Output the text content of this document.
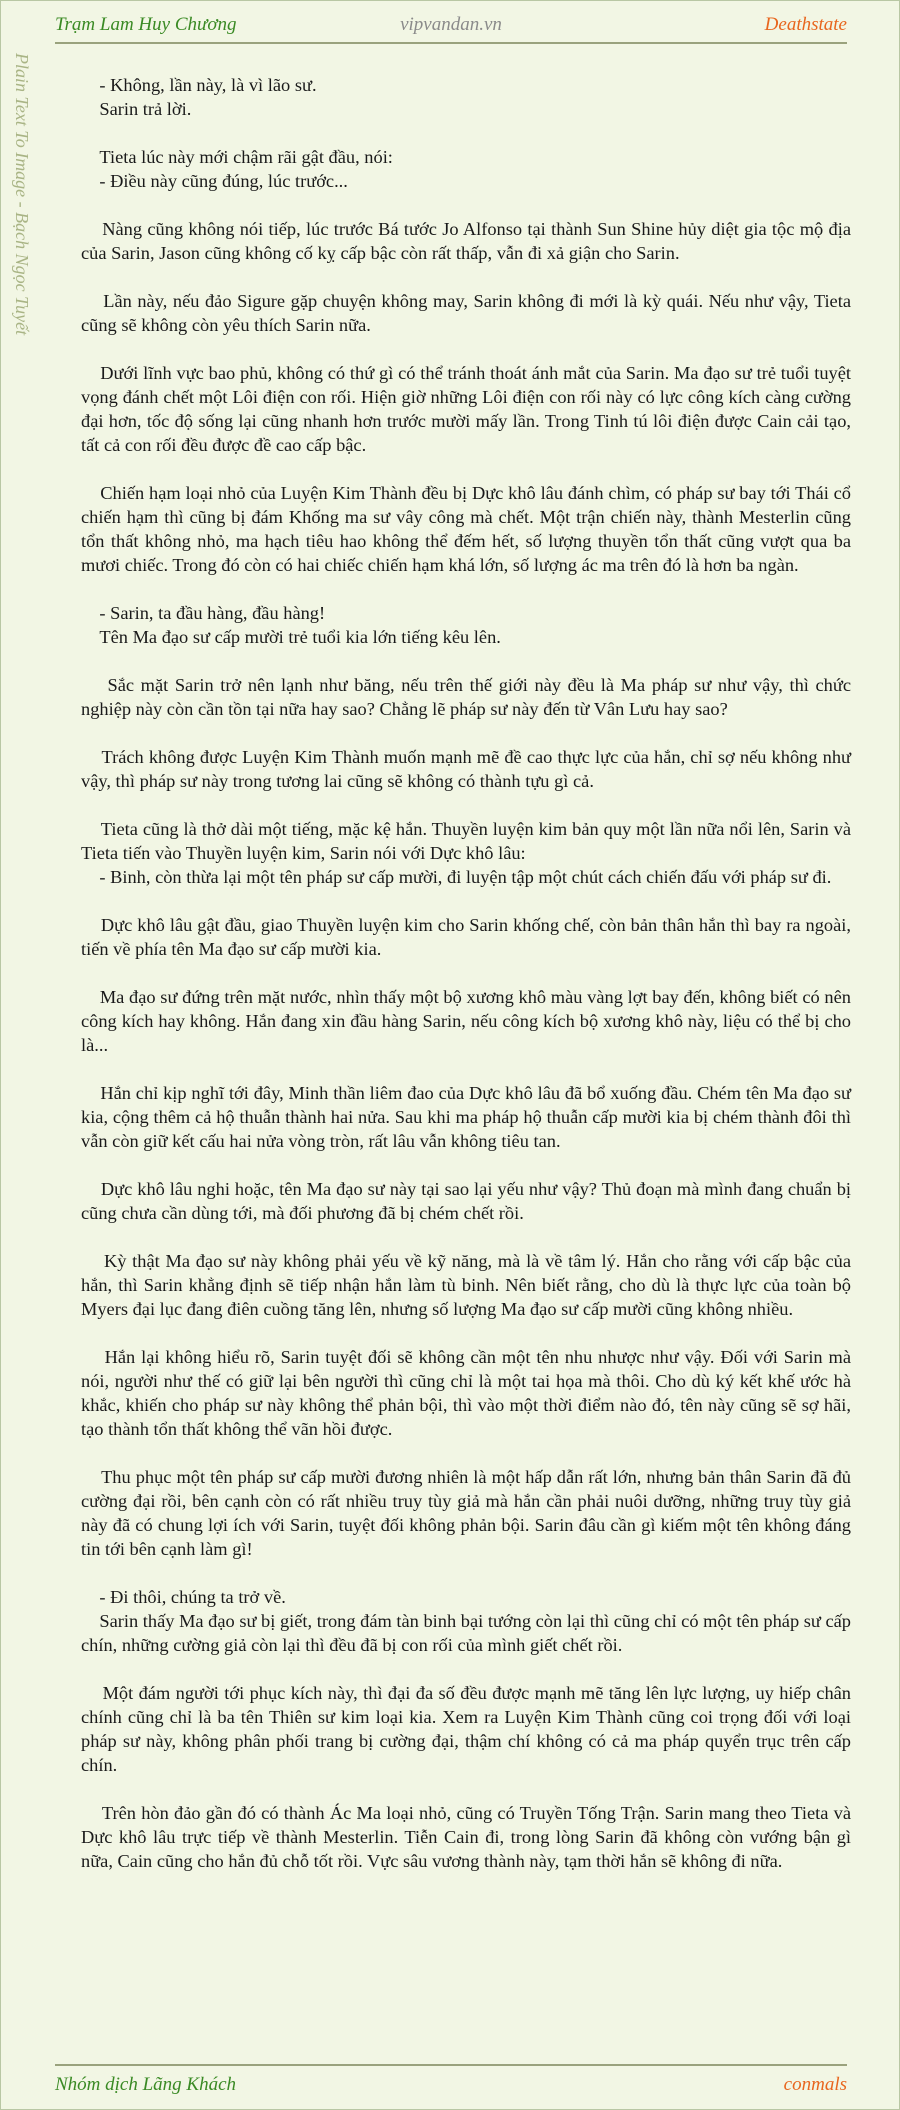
Trạm Lam Huy Chương	vipvandan.vn	Deathstate
Plain Text To Image - Bạch Ngọc Tuyết	- Không, lần này, là vì lão sư.
Sarin trả lời.

Tieta lúc này mới chậm rãi gật đầu, nói:
- Điều này cũng đúng, lúc trước...

Nàng cũng không nói tiếp, lúc trước Bá tước Jo Alfonso tại thành Sun Shine hủy diệt gia tộc mộ địa của Sarin, Jason cũng không cố kỵ cấp bậc còn rất thấp, vẫn đi xả giận cho Sarin.

Lần này, nếu đảo Sigure gặp chuyện không may, Sarin không đi mới là kỳ quái. Nếu như vậy, Tieta cũng sẽ không còn yêu thích Sarin nữa.

Dưới lĩnh vực bao phủ, không có thứ gì có thể tránh thoát ánh mắt của Sarin. Ma đạo sư trẻ tuổi tuyệt vọng đánh chết một Lôi điện con rối. Hiện giờ những Lôi điện con rối này có lực công kích càng cường đại hơn, tốc độ sống lại cũng nhanh hơn trước mười mấy lần. Trong Tinh tú lôi điện được Cain cải tạo, tất cả con rối đều được đề cao cấp bậc.

Chiến hạm loại nhỏ của Luyện Kim Thành đều bị Dực khô lâu đánh chìm, có pháp sư bay tới Thái cổ chiến hạm thì cũng bị đám Khống ma sư vây công mà chết. Một trận chiến này, thành Mesterlin cũng tổn thất không nhỏ, ma hạch tiêu hao không thể đếm hết, số lượng thuyền tổn thất cũng vượt qua ba mươi chiếc. Trong đó còn có hai chiếc chiến hạm khá lớn, số lượng ác ma trên đó là hơn ba ngàn.

- Sarin, ta đầu hàng, đầu hàng!
Tên Ma đạo sư cấp mười trẻ tuổi kia lớn tiếng kêu lên.

Sắc mặt Sarin trở nên lạnh như băng, nếu trên thế giới này đều là Ma pháp sư như vậy, thì chức nghiệp này còn cần tồn tại nữa hay sao? Chẳng lẽ pháp sư này đến từ Vân Lưu hay sao?

Trách không được Luyện Kim Thành muốn mạnh mẽ đề cao thực lực của hắn, chỉ sợ nếu không như vậy, thì pháp sư này trong tương lai cũng sẽ không có thành tựu gì cả.

Tieta cũng là thở dài một tiếng, mặc kệ hắn. Thuyền luyện kim bản quy một lần nữa nổi lên, Sarin và Tieta tiến vào Thuyền luyện kim, Sarin nói với Dực khô lâu:
- Binh, còn thừa lại một tên pháp sư cấp mười, đi luyện tập một chút cách chiến đấu với pháp sư đi.

Dực khô lâu gật đầu, giao Thuyền luyện kim cho Sarin khống chế, còn bản thân hắn thì bay ra ngoài, tiến về phía tên Ma đạo sư cấp mười kia.

Ma đạo sư đứng trên mặt nước, nhìn thấy một bộ xương khô màu vàng lợt bay đến, không biết có nên công kích hay không. Hắn đang xin đầu hàng Sarin, nếu công kích bộ xương khô này, liệu có thể bị cho là...

Hắn chỉ kịp nghĩ tới đây, Minh thần liêm đao của Dực khô lâu đã bổ xuống đầu. Chém tên Ma đạo sư kia, cộng thêm cả hộ thuẫn thành hai nửa. Sau khi ma pháp hộ thuẫn cấp mười kia bị chém thành đôi thì vẫn còn giữ kết cấu hai nửa vòng tròn, rất lâu vẫn không tiêu tan.

Dực khô lâu nghi hoặc, tên Ma đạo sư này tại sao lại yếu như vậy? Thủ đoạn mà mình đang chuẩn bị cũng chưa cần dùng tới, mà đối phương đã bị chém chết rồi.

Kỳ thật Ma đạo sư này không phải yếu về kỹ năng, mà là về tâm lý. Hắn cho rằng với cấp bậc của hắn, thì Sarin khẳng định sẽ tiếp nhận hắn làm tù binh. Nên biết rằng, cho dù là thực lực của toàn bộ Myers đại lục đang điên cuồng tăng lên, nhưng số lượng Ma đạo sư cấp mười cũng không nhiều.

Hắn lại không hiểu rõ, Sarin tuyệt đối sẽ không cần một tên nhu nhược như vậy. Đối với Sarin mà nói, người như thế có giữ lại bên người thì cũng chỉ là một tai họa mà thôi. Cho dù ký kết khế ước hà khắc, khiến cho pháp sư này không thể phản bội, thì vào một thời điểm nào đó, tên này cũng sẽ sợ hãi, tạo thành tổn thất không thể vãn hồi được.

Thu phục một tên pháp sư cấp mười đương nhiên là một hấp dẫn rất lớn, nhưng bản thân Sarin đã đủ cường đại rồi, bên cạnh còn có rất nhiều truy tùy giả mà hắn cần phải nuôi dưỡng, những truy tùy giả này đã có chung lợi ích với Sarin, tuyệt đối không phản bội. Sarin đâu cần gì kiếm một tên không đáng tin tới bên cạnh làm gì!

- Đi thôi, chúng ta trở về.
Sarin thấy Ma đạo sư bị giết, trong đám tàn binh bại tướng còn lại thì cũng chỉ có một tên pháp sư cấp chín, những cường giả còn lại thì đều đã bị con rối của mình giết chết rồi.

Một đám người tới phục kích này, thì đại đa số đều được mạnh mẽ tăng lên lực lượng, uy hiếp chân chính cũng chỉ là ba tên Thiên sư kim loại kia. Xem ra Luyện Kim Thành cũng coi trọng đối với loại pháp sư này, không phân phối trang bị cường đại, thậm chí không có cả ma pháp quyển trục trên cấp chín.

Trên hòn đảo gần đó có thành Ác Ma loại nhỏ, cũng có Truyền Tống Trận. Sarin mang theo Tieta và Dực khô lâu trực tiếp về thành Mesterlin. Tiễn Cain đi, trong lòng Sarin đã không còn vướng bận gì nữa, Cain cũng cho hắn đủ chỗ tốt rồi. Vực sâu vương thành này, tạm thời hắn sẽ không đi nữa.

Nhóm dịch Lãng Khách	conmals
